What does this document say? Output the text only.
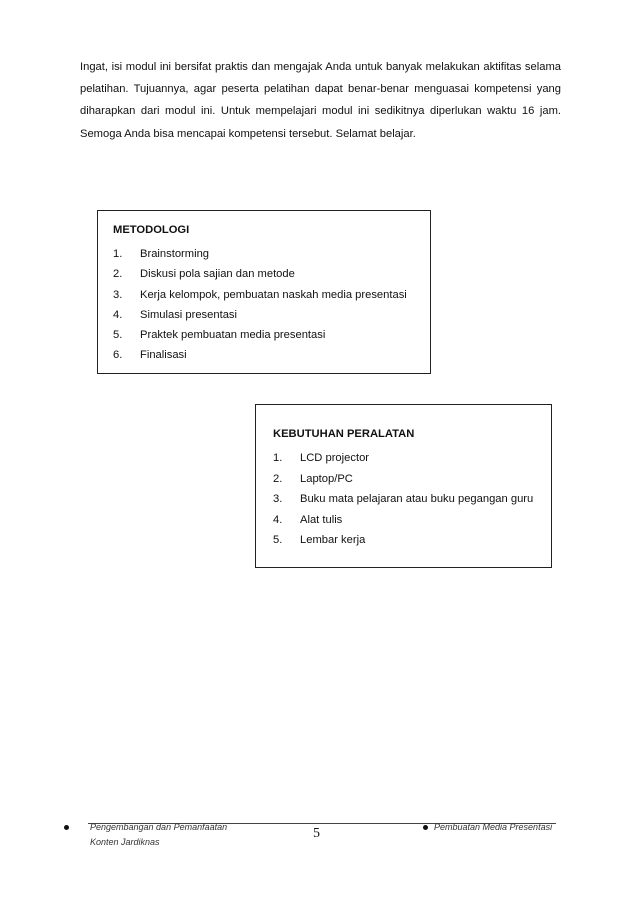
Ingat, isi modul ini bersifat praktis dan mengajak Anda untuk banyak melakukan aktifitas selama pelatihan. Tujuannya, agar peserta pelatihan dapat benar-benar menguasai kompetensi yang diharapkan dari modul ini. Untuk mempelajari modul ini sedikitnya diperlukan waktu 16 jam. Semoga Anda bisa mencapai kompetensi tersebut. Selamat belajar.

METODOLOGI

1. Brainstorming
2. Diskusi pola sajian dan metode
3. Kerja kelompok, pembuatan naskah media presentasi
4. Simulasi presentasi
5. Praktek pembuatan media presentasi
6. Finalisasi

KEBUTUHAN PERALATAN

1. LCD projector
2. Laptop/PC
3. Buku mata pelajaran atau buku pegangan guru
4. Alat tulis
5. Lembar kerja
Pengembangan dan Pemanfaatan
Konten Jardiknas
5	Pembuatan Media Presentasi
